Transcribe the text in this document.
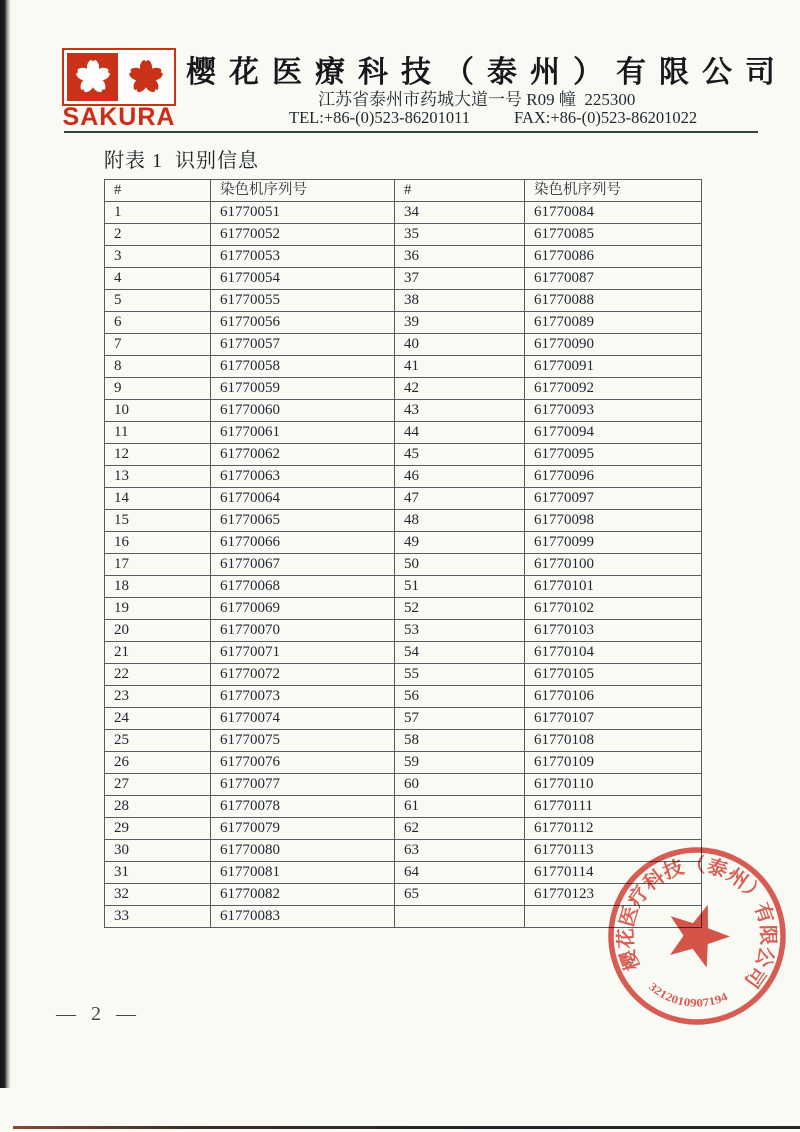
SAKURA
樱花医療科技（泰州）有限公司
江苏省泰州市药城大道一号 R09 幢  225300
TEL:+86-(0)523-86201011	FAX:+86-(0)523-86201022
附表 1  识别信息
#	染色机序列号	#	染色机序列号
1	61770051	34	61770084
2	61770052	35	61770085
3	61770053	36	61770086
4	61770054	37	61770087
5	61770055	38	61770088
6	61770056	39	61770089
7	61770057	40	61770090
8	61770058	41	61770091
9	61770059	42	61770092
10	61770060	43	61770093
11	61770061	44	61770094
12	61770062	45	61770095
13	61770063	46	61770096
14	61770064	47	61770097
15	61770065	48	61770098
16	61770066	49	61770099
17	61770067	50	61770100
18	61770068	51	61770101
19	61770069	52	61770102
20	61770070	53	61770103
21	61770071	54	61770104
22	61770072	55	61770105
23	61770073	56	61770106
24	61770074	57	61770107
25	61770075	58	61770108
26	61770076	59	61770109
27	61770077	60	61770110
28	61770078	61	61770111
29	61770079	62	61770112
30	61770080	63	61770113
31	61770081	64	61770114
32	61770082	65	61770123
33	61770083		
樱花医疗科技（泰州）有限公司
3212010907194
— 2 —
